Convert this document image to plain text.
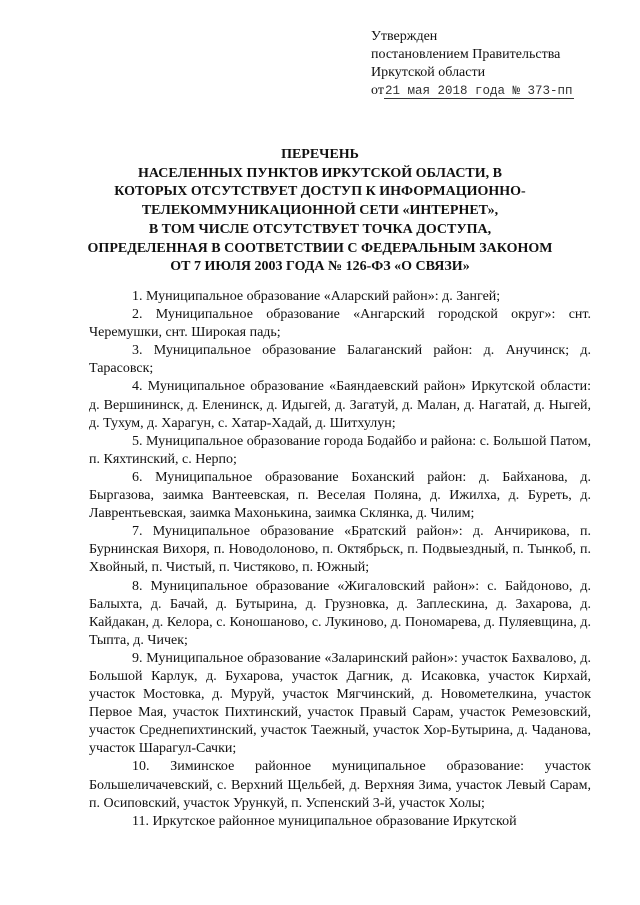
Утвержден
постановлением Правительства
Иркутской области
от21 мая 2018 года № 373-пп
ПЕРЕЧЕНЬ
НАСЕЛЕННЫХ ПУНКТОВ ИРКУТСКОЙ ОБЛАСТИ, В
КОТОРЫХ ОТСУТСТВУЕТ ДОСТУП К ИНФОРМАЦИОННО-
ТЕЛЕКОММУНИКАЦИОННОЙ СЕТИ «ИНТЕРНЕТ»,
В ТОМ ЧИСЛЕ ОТСУТСТВУЕТ ТОЧКА ДОСТУПА,
ОПРЕДЕЛЕННАЯ В СООТВЕТСТВИИ С ФЕДЕРАЛЬНЫМ ЗАКОНОМ
ОТ 7 ИЮЛЯ 2003 ГОДА № 126-ФЗ «О СВЯЗИ»

1. Муниципальное образование «Аларский район»: д. Зангей;

2. Муниципальное образование «Ангарский городской округ»: снт. Черемушки, снт. Широкая падь;

3. Муниципальное образование Балаганский район: д. Анучинск; д. Тарасовск;

4. Муниципальное образование «Баяндаевский район» Иркутской области: д. Вершининск, д. Еленинск, д. Идыгей, д. Загатуй, д. Малан, д. Нагатай, д. Ныгей, д. Тухум, д. Харагун, с. Хатар-Хадай, д. Шитхулун;

5. Муниципальное образование города Бодайбо и района: с. Большой Патом, п. Кяхтинский, с. Нерпо;

6. Муниципальное образование Боханский район: д. Байханова, д. Быргазова, заимка Вантеевская, п. Веселая Поляна, д. Ижилха, д. Буреть, д. Лаврентьевская, заимка Махонькина, заимка Склянка, д. Чилим;

7. Муниципальное образование «Братский район»: д. Анчирикова, п. Бурнинская Вихоря, п. Новодолоново, п. Октябрьск, п. Подвыездный, п. Тынкоб, п. Хвойный, п. Чистый, п. Чистяково, п. Южный;

8. Муниципальное образование «Жигаловский район»: с. Байдоново, д. Балыхта, д. Бачай, д. Бутырина, д. Грузновка, д. Заплескина, д. Захарова, д. Кайдакан, д. Келора, с. Коношаново, с. Лукиново, д. Пономарева, д. Пуляевщина, д. Тыпта, д. Чичек;

9. Муниципальное образование «Заларинский район»: участок Бахвалово, д. Большой Карлук, д. Бухарова, участок Дагник, д. Исаковка, участок Кирхай, участок Мостовка, д. Муруй, участок Мягчинский, д. Новометелкина, участок Первое Мая, участок Пихтинский, участок Правый Сарам, участок Ремезовский, участок Среднепихтинский, участок Таежный, участок Хор-Бутырина, д. Чаданова, участок Шарагул-Сачки;

10. Зиминское районное муниципальное образование: участок Большеличачевский, с. Верхний Щельбей, д. Верхняя Зима, участок Левый Сарам, п. Осиповский, участок Урункуй, п. Успенский 3-й, участок Холы;

11. Иркутское районное муниципальное образование Иркутской
